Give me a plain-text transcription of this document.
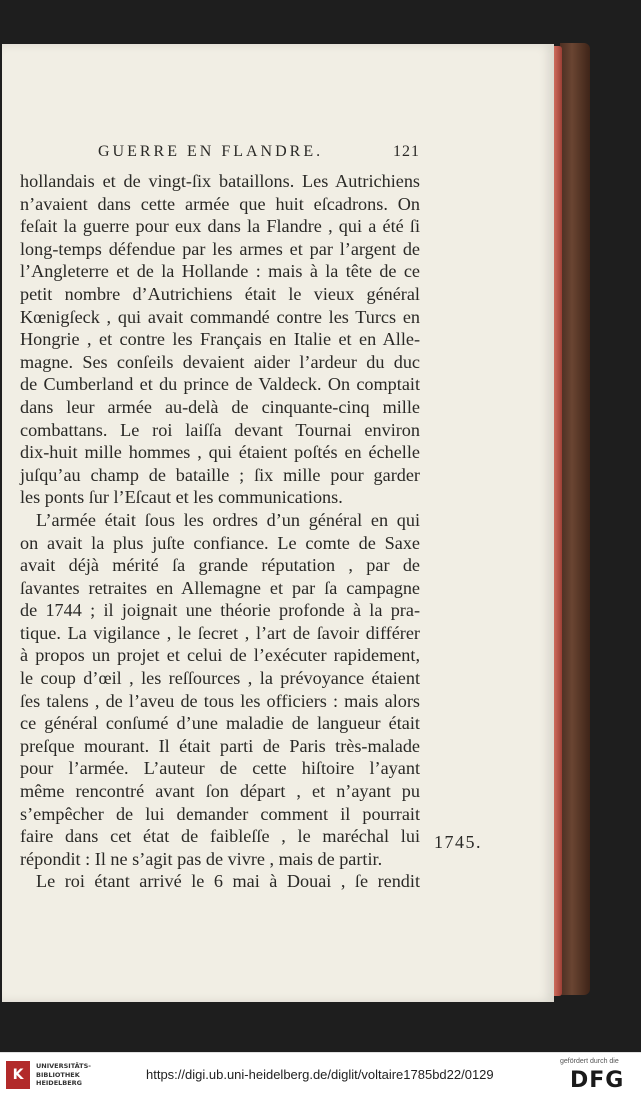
GUERRE EN FLANDRE.	121
hollandais et de vingt-ſix bataillons. Les Autrichiens
n’avaient dans cette armée que huit eſcadrons. On
feſait la guerre pour eux dans la Flandre , qui a été ſi
long-temps défendue par les armes et par l’argent de
l’Angleterre et de la Hollande : mais à la tête de ce
petit nombre d’Autrichiens était le vieux général
Kœnigſeck , qui avait commandé contre les Turcs en
Hongrie , et contre les Français en Italie et en Alle-
magne. Ses conſeils devaient aider l’ardeur du duc
de Cumberland et du prince de Valdeck. On comptait
dans leur armée au-delà de cinquante-cinq mille
combattans. Le roi laiſſa devant Tournai environ
dix-huit mille hommes , qui étaient poſtés en échelle
juſqu’au champ de bataille ; ſix mille pour garder
les ponts ſur l’Eſcaut et les communications.
L’armée était ſous les ordres d’un général en qui
on avait la plus juſte confiance. Le comte de Saxe
avait déjà mérité ſa grande réputation , par de
ſavantes retraites en Allemagne et par ſa campagne
de 1744 ; il joignait une théorie profonde à la pra-
tique. La vigilance , le ſecret , l’art de ſavoir différer
à propos un projet et celui de l’exécuter rapidement,
le coup d’œil , les reſſources , la prévoyance étaient
ſes talens , de l’aveu de tous les officiers : mais alors
ce général conſumé d’une maladie de langueur était
preſque mourant. Il était parti de Paris très-malade
pour l’armée. L’auteur de cette hiſtoire l’ayant
même rencontré avant ſon départ , et n’ayant pu
s’empêcher de lui demander comment il pourrait
faire dans cet état de faibleſſe , le maréchal lui
répondit : Il ne s’agit pas de vivre , mais de partir.
Le roi étant arrivé le 6 mai à Douai , ſe rendit
1745.
K
UNIVERSITÄTS-
BIBLIOTHEK
HEIDELBERG
https://digi.ub.uni-heidelberg.de/diglit/voltaire1785bd22/0129
gefördert durch die
DFG
